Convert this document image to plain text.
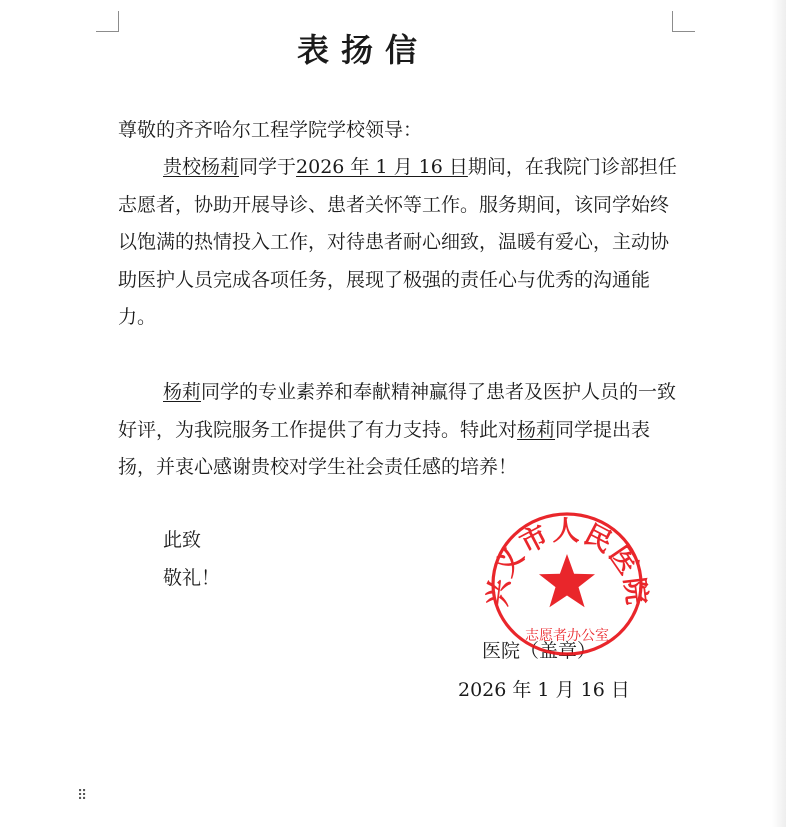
表扬信
尊敬的齐齐哈尔工程学院学校领导：
贵校杨莉同学于2026 年 1 月 16 日期间，在我院门诊部担任志愿者，协助开展导诊、患者关怀等工作。服务期间，该同学始终以饱满的热情投入工作，对待患者耐心细致，温暖有爱心，主动协助医护人员完成各项任务，展现了极强的责任心与优秀的沟通能力。
杨莉同学的专业素养和奉献精神赢得了患者及医护人员的一致好评，为我院服务工作提供了有力支持。特此对杨莉同学提出表扬，并衷心感谢贵校对学生社会责任感的培养！
此致
敬礼！
医院（盖章）
2026 年 1 月 16 日
兴义市人民医院
志愿者办公室
⠿
